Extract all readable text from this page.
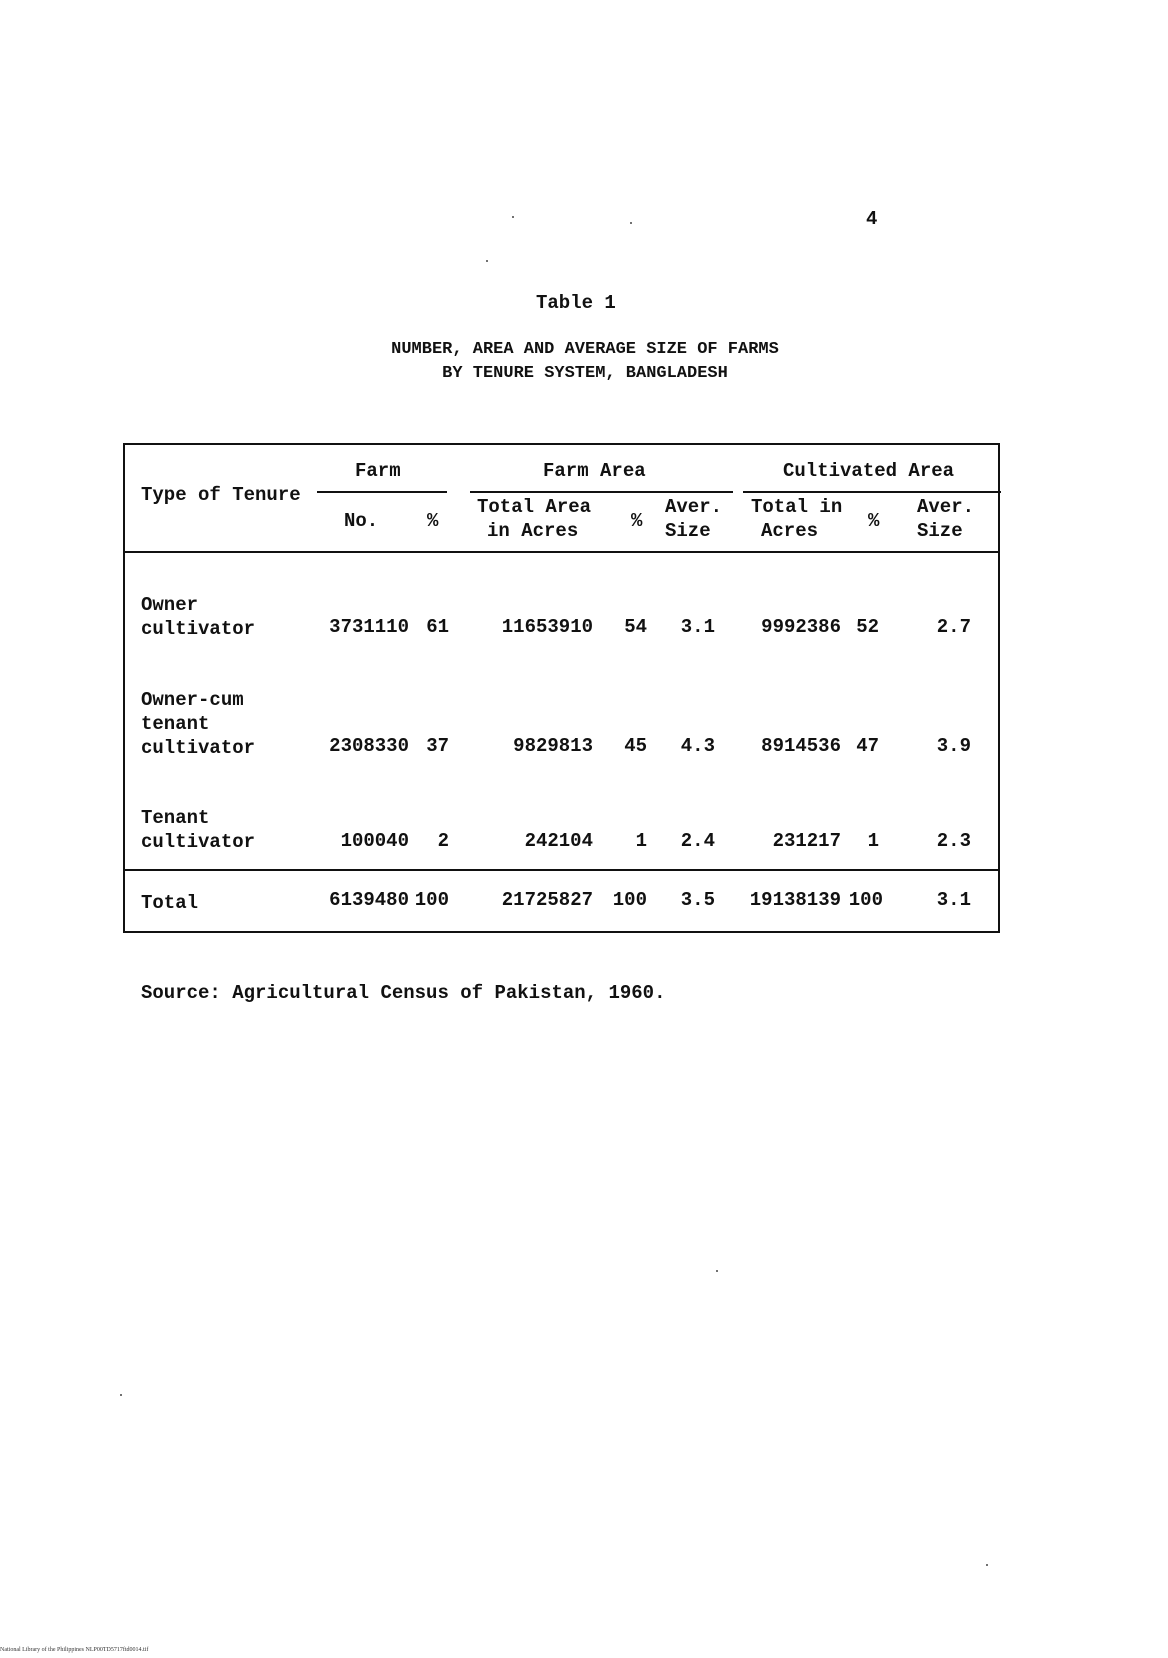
4
Table 1
NUMBER, AREA AND AVERAGE SIZE OF FARMS
BY TENURE SYSTEM, BANGLADESH
Type of Tenure
Farm	Farm Area	Cultivated Area
No.	%
Total Area
in Acres	%
Aver.
Size
Total in
Acres	%
Aver.
Size
Owner
cultivator	3731110 61	11653910	54	3.1	9992386 52	2.7
Owner-cum
tenant
cultivator	2308330 37	9829813	45	4.3	8914536 47	3.9
Tenant
cultivator	100040	2	242104	1	2.4	231217	1	2.3
Total	6139480 100	21725827	100	3.5	19138139 100	3.1
Source: Agricultural Census of Pakistan, 1960.
National Library of the Philippines NLP00TD5717ftd0014.tif
